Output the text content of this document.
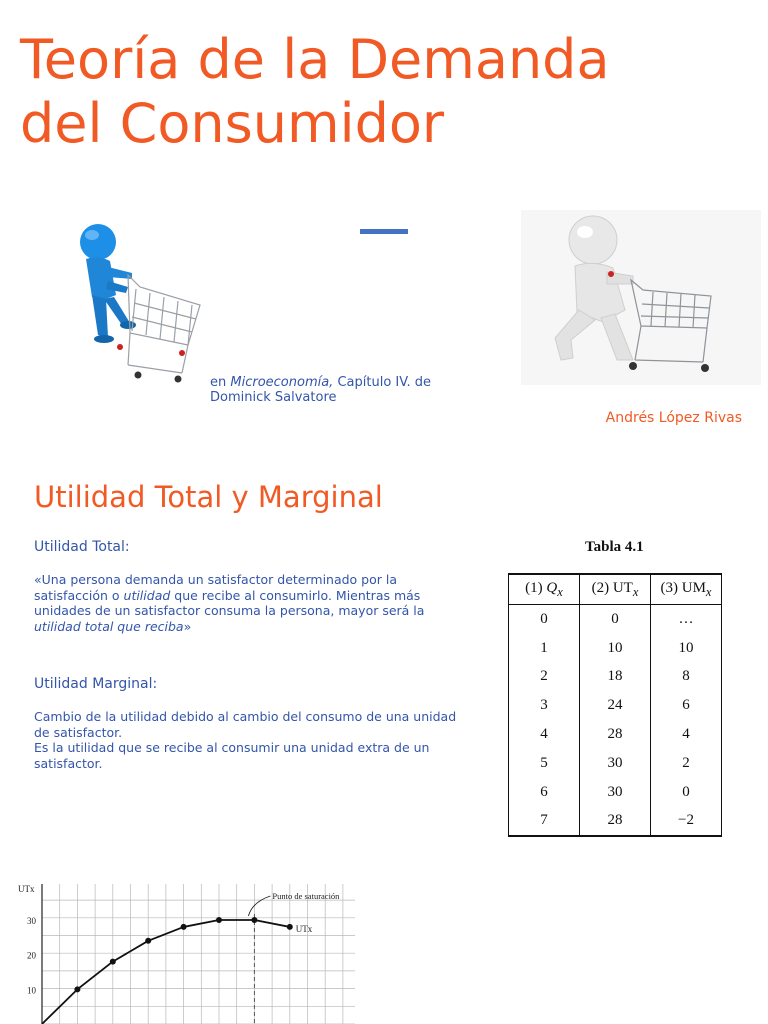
Teoría de la Demanda
del Consumidor
en Microeconomía, Capítulo IV. de
Dominick Salvatore
Andrés López Rivas
Utilidad Total y Marginal
Utilidad Total:
«Una persona demanda un satisfactor determinado por la satisfacción o utilidad que recibe al consumirlo. Mientras más unidades de un satisfactor consuma la persona, mayor será la utilidad total que reciba»
Utilidad Marginal:
Cambio de la utilidad debido al cambio del consumo de una unidad de satisfactor.
Es la utilidad que se recibe al consumir una unidad extra de un satisfactor.
Tabla 4.1
(1) $Q_x$	(2) $UT_x$	(3) $UM_x$
0	0	…
1	10	10
2	18	8
3	24	6
4	28	4
5	30	2
6	30	0
7	28	−2
10
20
30
UTx
UTx
Punto de saturación
